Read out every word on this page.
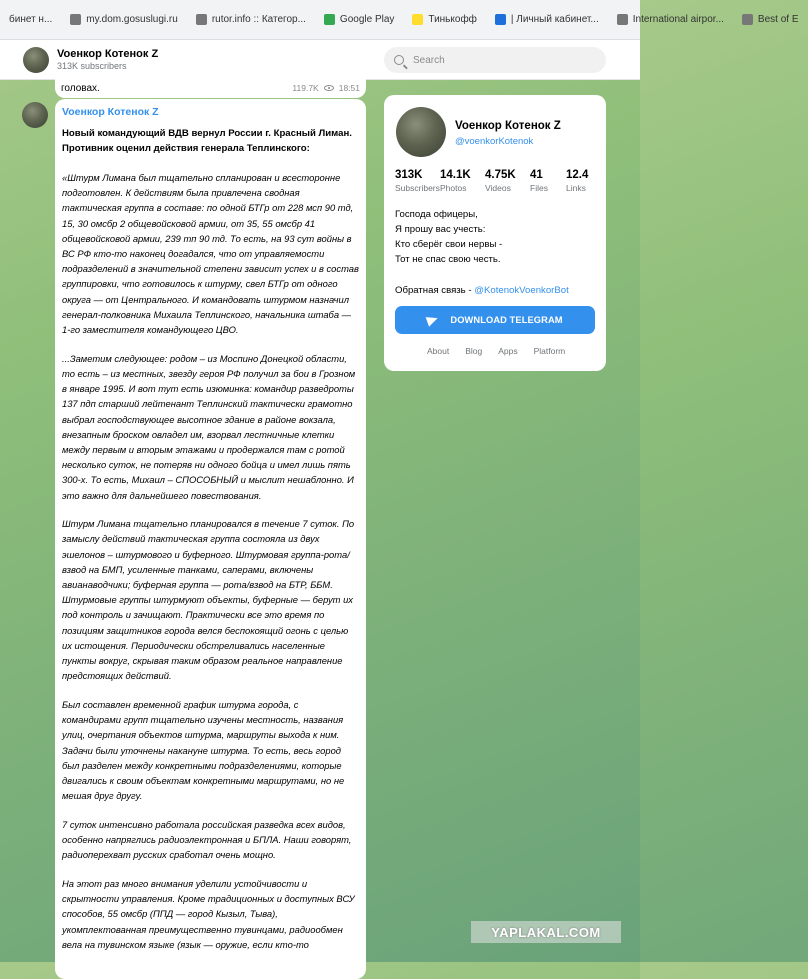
бинет н...	my.dom.gosuslugi.ru	rutor.info :: Категор...	Google Play	Тинькофф	| Личный кабинет...	International airpor...	Best of E
Voенкор Котенок Z
313K subscribers
Search
головах.	119.7K 18:51
Voенкор Котенок Z
Новый командующий ВДВ вернул России г. Красный Лиман. Противник оценил действия генерала Теплинского:

«Штурм Лимана был тщательно спланирован и всесторонне подготовлен. К действиям была привлечена сводная тактическая группа в составе: по одной БТГр от 228 мсп 90 тд, 15, 30 омсбр 2 общевойсковой армии, от 35, 55 омсбр 41 общевойсковой армии, 239 тп 90 тд. То есть, на 93 сут войны в ВС РФ кто-то наконец догадался, что от управляемости подразделений в значительной степени зависит успех и в состав группировки, что готовилось к штурму, свел БТГр от одного округа — от Центрального. И командовать штурмом назначил генерал-полковника Михаила Теплинского, начальника штаба — 1-го заместителя командующего ЦВО.

...Заметим следующее: родом – из Моспино Донецкой области, то есть – из местных, звезду героя РФ получил за бои в Грозном в январе 1995. И вот тут есть изюминка: командир разведроты 137 пдп старший лейтенант Теплинский тактически грамотно выбрал господствующее высотное здание в районе вокзала, внезапным броском овладел им, взорвал лестничные клетки между первым и вторым этажами и продержался там с ротой несколько суток, не потеряв ни одного бойца и имел лишь пять 300-х. То есть, Михаил – СПОСОБНЫЙ и мыслит нешаблонно. И это важно для дальнейшего повествования.

Штурм Лимана тщательно планировался в течение 7 суток. По замыслу действий тактическая группа состояла из двух эшелонов – штурмового и буферного. Штурмовая группа-рота/взвод на БМП, усиленные танками, саперами, включены авианаводчики; буферная группа — рота/взвод на БТР, ББМ. Штурмовые группы штурмуют объекты, буферные — берут их под контроль и зачищают. Практически все это время по позициям защитников города велся беспокоящий огонь с целью их истощения. Периодически обстреливались населенные пункты вокруг, скрывая таким образом реальное направление предстоящих действий.

Был составлен временной график штурма города, с командирами групп тщательно изучены местность, названия улиц, очертания объектов штурма, маршруты выхода к ним. Задачи были уточнены накануне штурма. То есть, весь город был разделен между конкретными подразделениями, которые двигались к своим объектам конкретными маршрутами, но не мешая друг другу.

7 суток интенсивно работала российская разведка всех видов, особенно напряглись радиоэлектронная и БПЛА. Наши говорят, радиоперехват русских сработал очень мощно.

На этот раз много внимания уделили устойчивости и скрытности управления. Кроме традиционных и доступных ВСУ способов, 55 омсбр (ППД — город Кызыл, Тыва), укомплектованная преимущественно тувинцами, радиообмен вела на тувинском языке (язык — оружие, если кто-то

Voенкор Котенок Z
@voenkorKotenok
313K
Subscribers
14.1K
Photos
4.75K
Videos
41
Files
12.4
Links
Господа офицеры,
Я прошу вас учесть:
Кто сберёг свои нервы -
Тот не спас свою честь.
Обратная связь - @KotenokVoenkorBot
DOWNLOAD TELEGRAM
About Blog Apps Platform
YAPLAKAL.COM
